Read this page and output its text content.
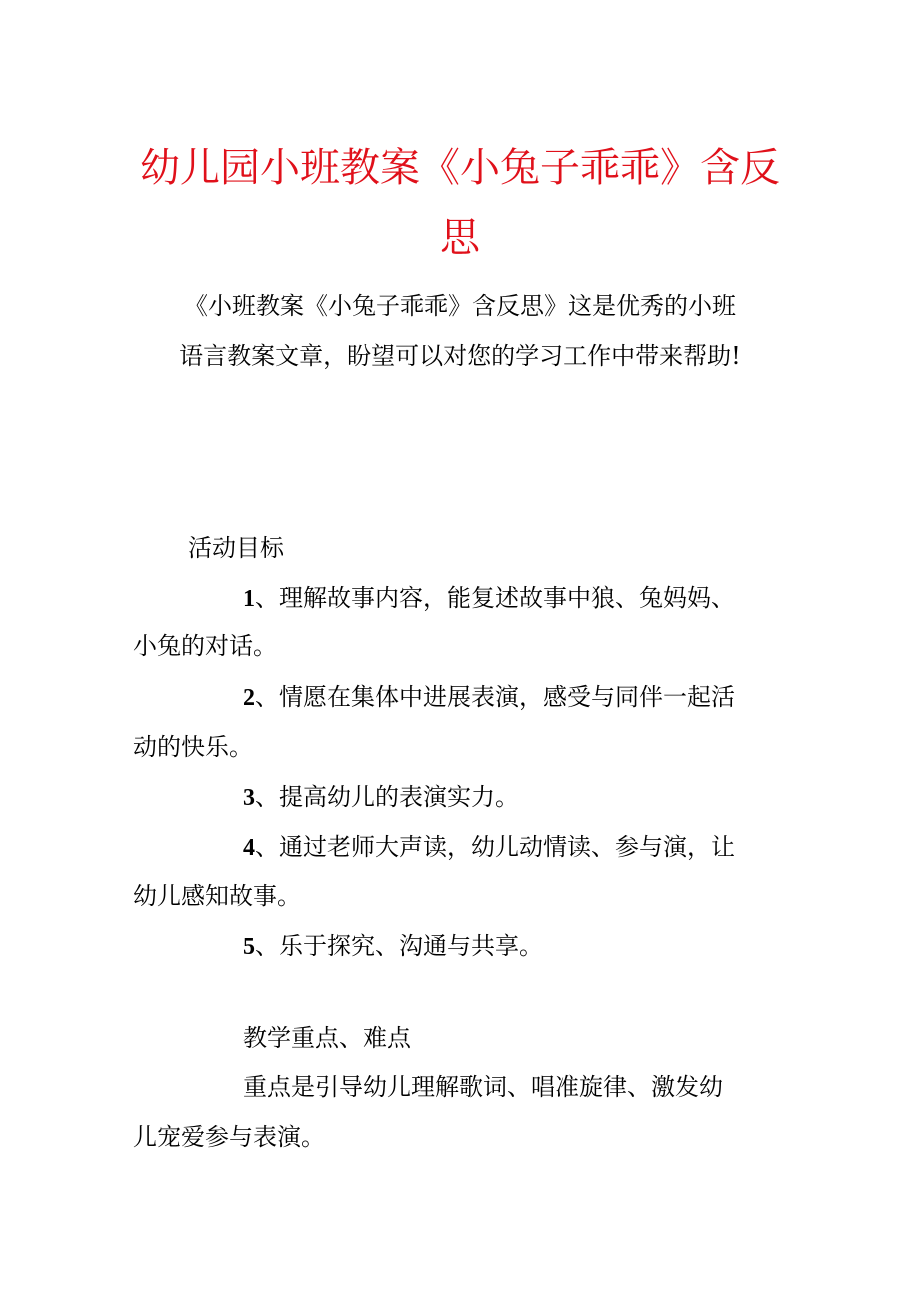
幼儿园小班教案《小兔子乖乖》含反
思

《小班教案《小兔子乖乖》含反思》这是优秀的小班

语言教案文章，盼望可以对您的学习工作中带来帮助!

活动目标

1、理解故事内容，能复述故事中狼、兔妈妈、

小兔的对话。

2、情愿在集体中进展表演，感受与同伴一起活

动的快乐。

3、提高幼儿的表演实力。

4、通过老师大声读，幼儿动情读、参与演，让

幼儿感知故事。

5、乐于探究、沟通与共享。

教学重点、难点

重点是引导幼儿理解歌词、唱准旋律、激发幼

儿宠爱参与表演。
